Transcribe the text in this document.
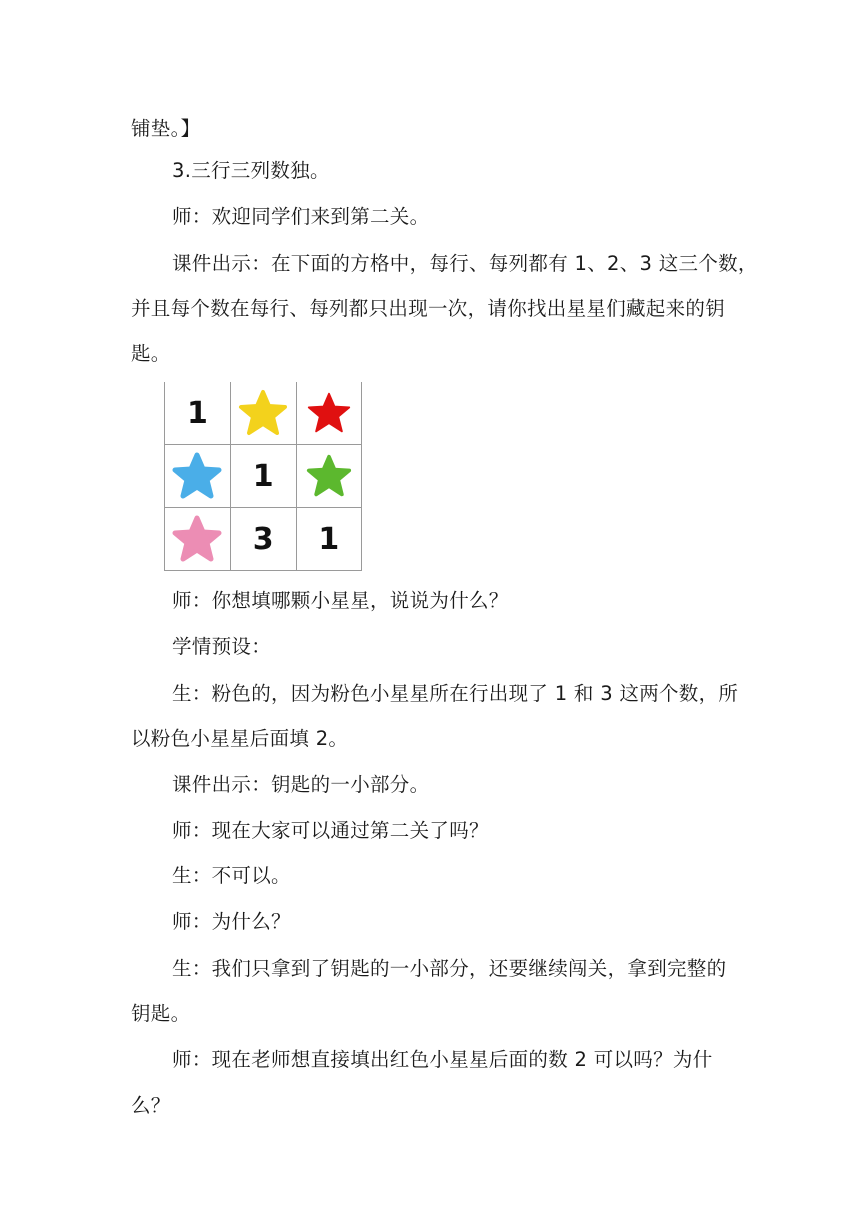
铺垫。】
3.三行三列数独。
师：欢迎同学们来到第二关。
课件出示：在下面的方格中，每行、每列都有 1、2、3 这三个数，
并且每个数在每行、每列都只出现一次，请你找出星星们藏起来的钥
匙。
1	

	1	

	3	1
师：你想填哪颗小星星，说说为什么？
学情预设：
生：粉色的，因为粉色小星星所在行出现了 1 和 3 这两个数，所
以粉色小星星后面填 2。
课件出示：钥匙的一小部分。
师：现在大家可以通过第二关了吗？
生：不可以。
师：为什么？
生：我们只拿到了钥匙的一小部分，还要继续闯关，拿到完整的
钥匙。
师：现在老师想直接填出红色小星星后面的数 2 可以吗？为什
么？
